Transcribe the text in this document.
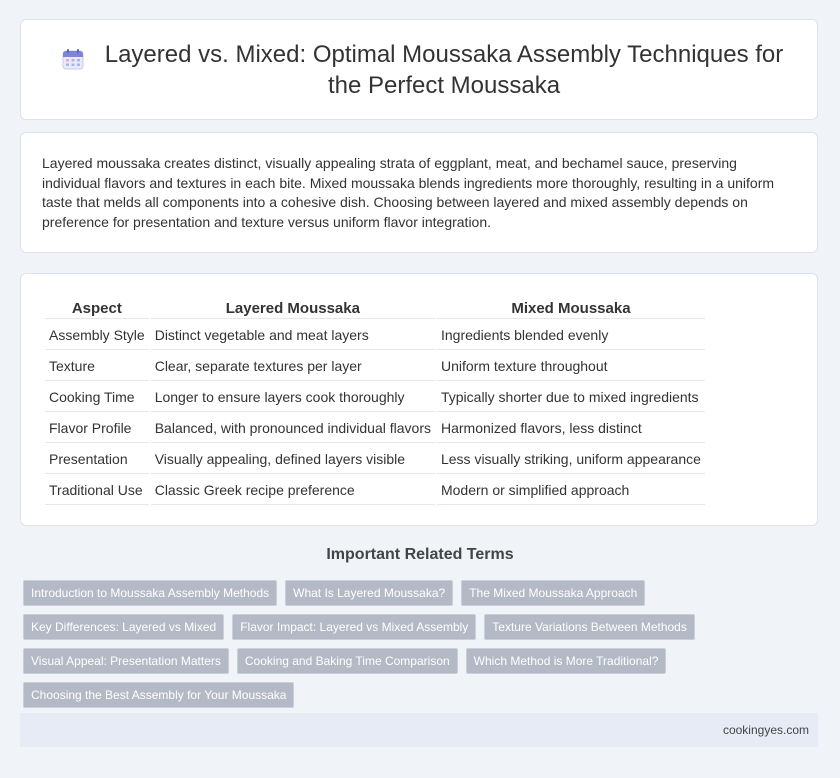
Layered vs. Mixed: Optimal Moussaka Assembly Techniques for the Perfect Moussaka

Layered moussaka creates distinct, visually appealing strata of eggplant, meat, and bechamel sauce, preserving individual flavors and textures in each bite. Mixed moussaka blends ingredients more thoroughly, resulting in a uniform taste that melds all components into a cohesive dish. Choosing between layered and mixed assembly depends on preference for presentation and texture versus uniform flavor integration.

Aspect	Layered Moussaka	Mixed Moussaka
Assembly Style	Distinct vegetable and meat layers	Ingredients blended evenly
Texture	Clear, separate textures per layer	Uniform texture throughout
Cooking Time	Longer to ensure layers cook thoroughly	Typically shorter due to mixed ingredients
Flavor Profile	Balanced, with pronounced individual flavors	Harmonized flavors, less distinct
Presentation	Visually appealing, defined layers visible	Less visually striking, uniform appearance
Traditional Use	Classic Greek recipe preference	Modern or simplified approach
Important Related Terms
Introduction to Moussaka Assembly Methods	What Is Layered Moussaka?	The Mixed Moussaka Approach
Key Differences: Layered vs Mixed	Flavor Impact: Layered vs Mixed Assembly	Texture Variations Between Methods
Visual Appeal: Presentation Matters	Cooking and Baking Time Comparison	Which Method is More Traditional?
Choosing the Best Assembly for Your Moussaka
cookingyes.com
